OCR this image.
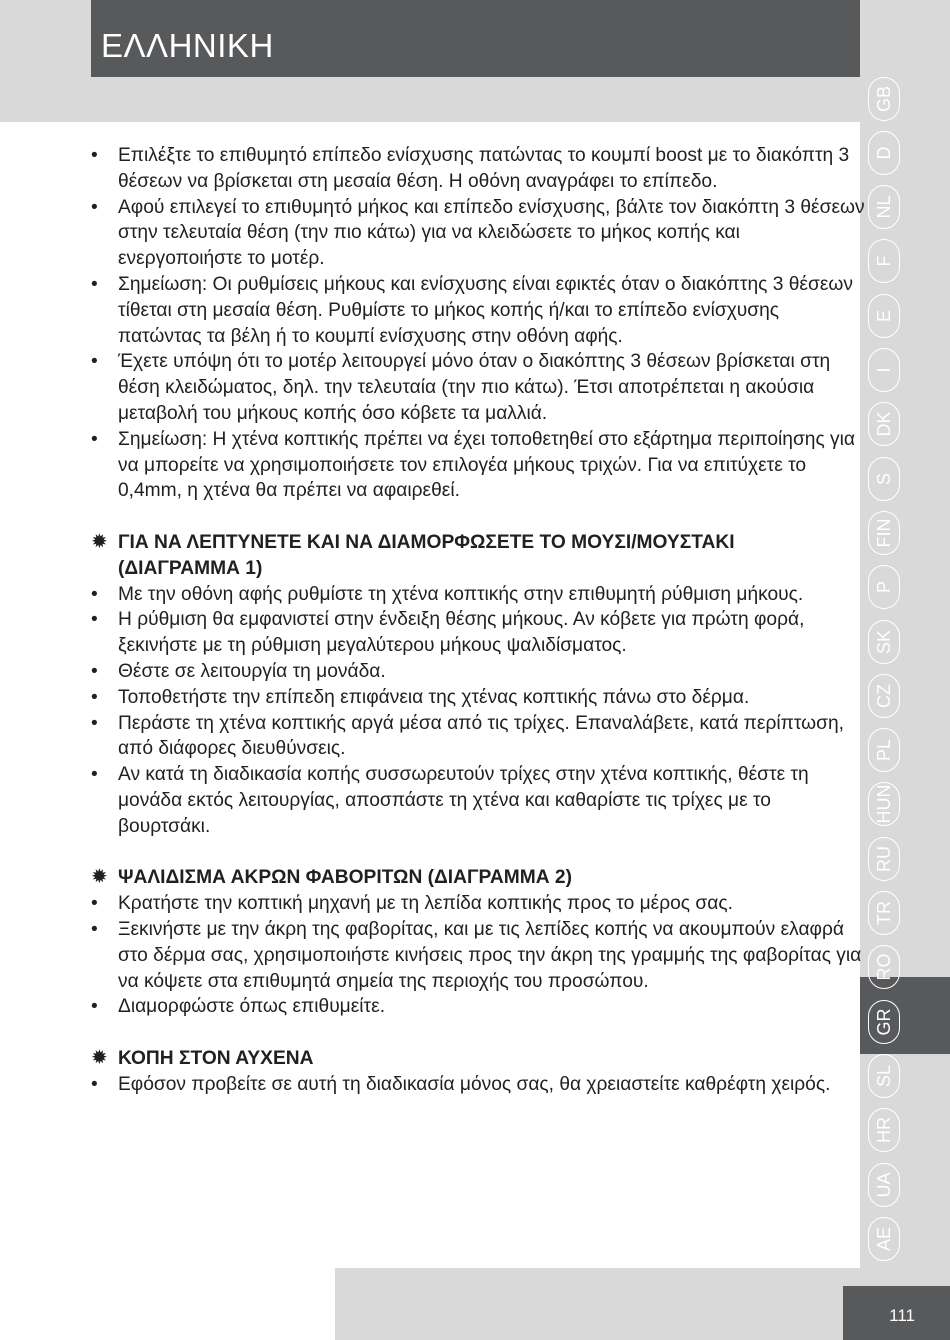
ΕΛΛΗΝΙΚΗ
GB
D
NL
F
E
I
DK
S
FIN
P
SK
CZ
PL
HUN
RU
TR
RO
GR
SL
HR
UA
AE
111
•	Επιλέξτε το επιθυμητό επίπεδο ενίσχυσης πατώντας το κουμπί boost με το διακόπτη 3 θέσεων να βρίσκεται στη μεσαία θέση. Η οθόνη αναγράφει το επίπεδο.
•	Αφού επιλεγεί το επιθυμητό μήκος και επίπεδο ενίσχυσης, βάλτε τον διακόπτη 3 θέσεων στην τελευταία θέση (την πιο κάτω) για να κλειδώσετε το μήκος κοπής και ενεργοποιήστε το μοτέρ.
•	Σημείωση: Οι ρυθμίσεις μήκους και ενίσχυσης είναι εφικτές όταν ο διακόπτης 3 θέσεων τίθεται στη μεσαία θέση. Ρυθμίστε το μήκος κοπής ή/και το επίπεδο ενίσχυσης πατώντας τα βέλη ή το κουμπί ενίσχυσης στην οθόνη αφής.
•	Έχετε υπόψη ότι το μοτέρ λειτουργεί μόνο όταν ο διακόπτης 3 θέσεων βρίσκεται στη θέση κλειδώματος, δηλ. την τελευταία (την πιο κάτω). Έτσι αποτρέπεται η ακούσια μεταβολή του μήκους κοπής όσο κόβετε τα μαλλιά.
•	Σημείωση: Η χτένα κοπτικής πρέπει να έχει τοποθετηθεί στο εξάρτημα περιποίησης για να μπορείτε να χρησιμοποιήσετε τον επιλογέα μήκους τριχών. Για να επιτύχετε το 0,4mm, η χτένα θα πρέπει να αφαιρεθεί.
✹ ΓΙΑ ΝΑ ΛΕΠΤΥΝΕΤΕ ΚΑΙ ΝΑ ΔΙΑΜΟΡΦΩΣΕΤΕ ΤΟ ΜΟΥΣΙ/ΜΟΥΣΤΑΚΙ
(ΔΙΑΓΡΑΜΜΑ 1)
•	Με την οθόνη αφής ρυθμίστε τη χτένα κοπτικής στην επιθυμητή ρύθμιση μήκους.
•	Η ρύθμιση θα εμφανιστεί στην ένδειξη θέσης μήκους. Αν κόβετε για πρώτη φορά, ξεκινήστε με τη ρύθμιση μεγαλύτερου μήκους ψαλιδίσματος.
•	Θέστε σε λειτουργία τη μονάδα.
•	Τοποθετήστε την επίπεδη επιφάνεια της χτένας κοπτικής πάνω στο δέρμα.
•	Περάστε τη χτένα κοπτικής αργά μέσα από τις τρίχες. Επαναλάβετε, κατά περίπτωση, από διάφορες διευθύνσεις.
•	Αν κατά τη διαδικασία κοπής συσσωρευτούν τρίχες στην χτένα κοπτικής, θέστε τη μονάδα εκτός λειτουργίας, αποσπάστε τη χτένα και καθαρίστε τις τρίχες με το βουρτσάκι.
✹ ΨΑΛΙΔΙΣΜΑ ΑΚΡΩΝ ΦΑΒΟΡΙΤΩΝ (ΔΙΑΓΡΑΜΜΑ 2)
•	Κρατήστε την κοπτική μηχανή με τη λεπίδα κοπτικής προς το μέρος σας.
•	Ξεκινήστε με την άκρη της φαβορίτας, και με τις λεπίδες κοπής να ακουμπούν ελαφρά στο δέρμα σας, χρησιμοποιήστε κινήσεις προς την άκρη της γραμμής της φαβορίτας για να κόψετε στα επιθυμητά σημεία της περιοχής του προσώπου.
•	Διαμορφώστε όπως επιθυμείτε.
✹ ΚΟΠΗ ΣΤΟΝ ΑΥΧΕΝΑ
•	Εφόσον προβείτε σε αυτή τη διαδικασία μόνος σας, θα χρειαστείτε καθρέφτη χειρός.
